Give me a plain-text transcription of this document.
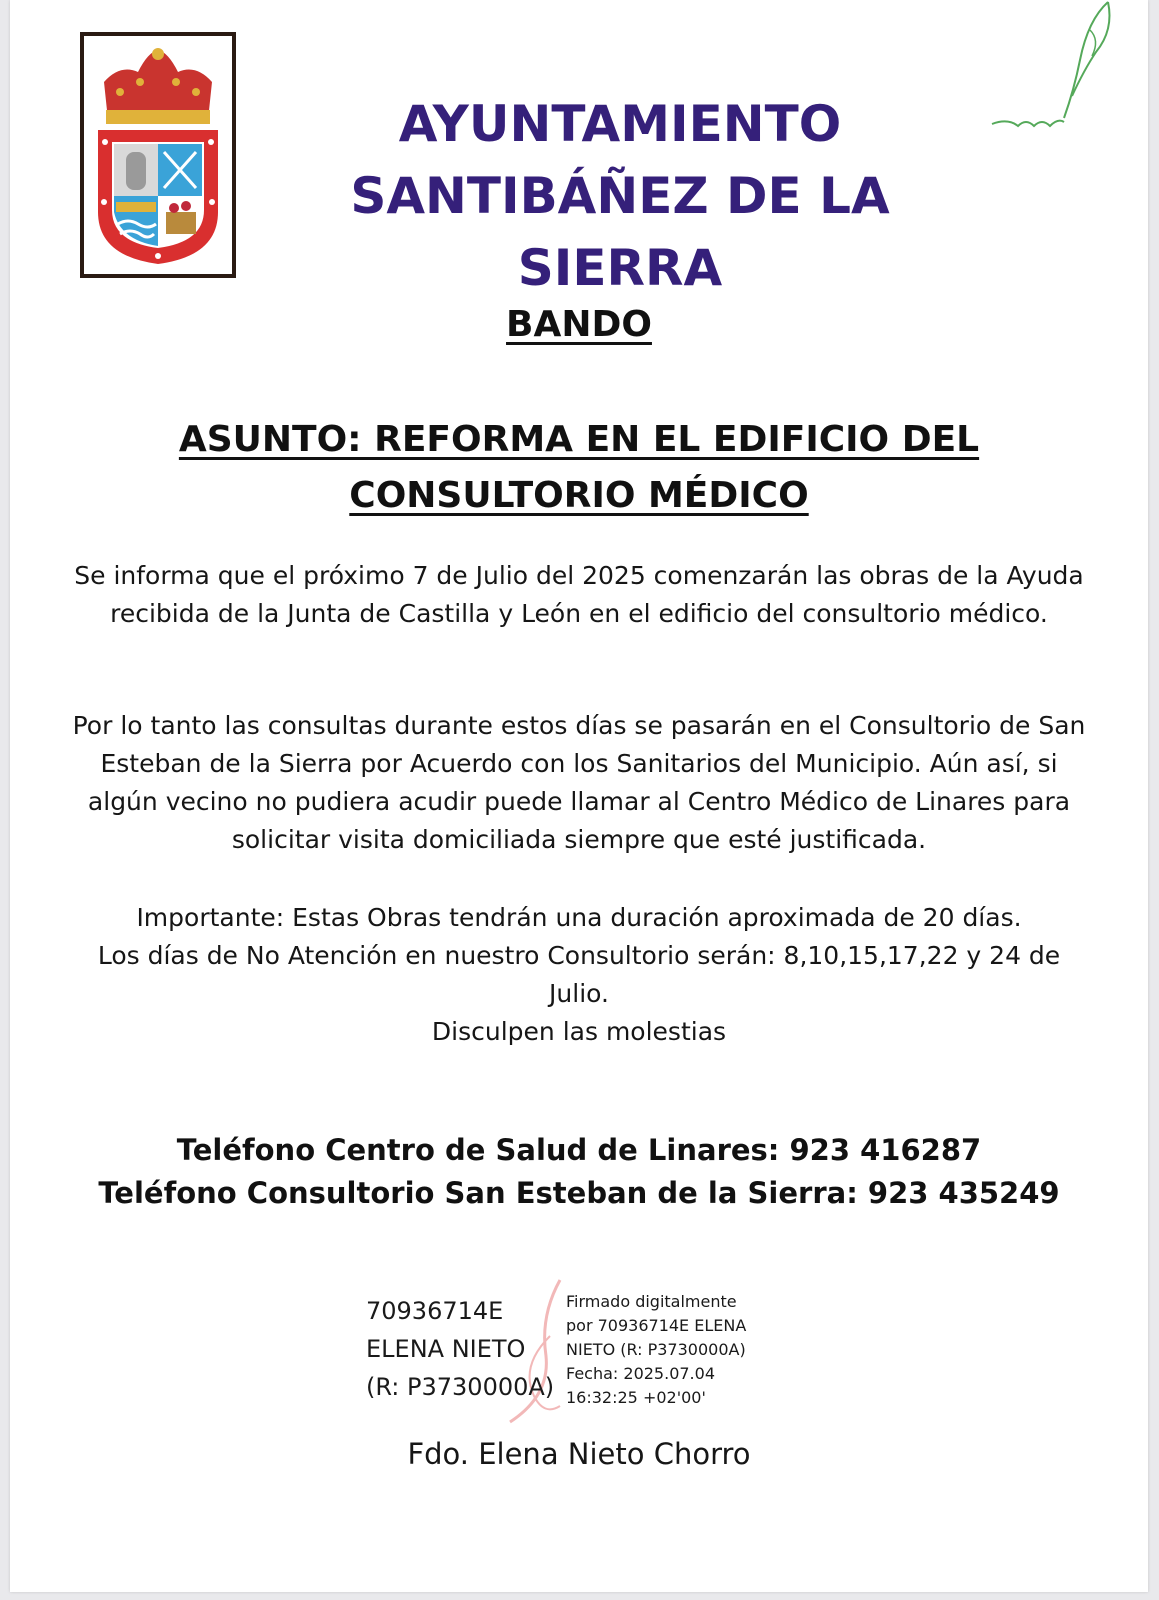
AYUNTAMIENTO
SANTIBÁÑEZ DE LA SIERRA
BANDO
ASUNTO: REFORMA EN EL EDIFICIO DEL
CONSULTORIO MÉDICO

Se informa que el próximo 7 de Julio del 2025 comenzarán las obras de la Ayuda recibida de la Junta de Castilla y León en el edificio del consultorio médico.

Por lo tanto las consultas durante estos días se pasarán en el Consultorio de San Esteban de la Sierra por Acuerdo con los Sanitarios del Municipio. Aún así, si algún vecino no pudiera acudir puede llamar al Centro Médico de Linares para solicitar visita domiciliada siempre que esté justificada.

Importante: Estas Obras tendrán una duración aproximada de 20 días.
Los días de No Atención en nuestro Consultorio serán: 8,10,15,17,22 y 24 de Julio.
Disculpen las molestias
Teléfono Centro de Salud de Linares: 923 416287
Teléfono Consultorio San Esteban de la Sierra: 923 435249
70936714E
ELENA NIETO
(R: P3730000A)
Firmado digitalmente
por 70936714E ELENA
NIETO (R: P3730000A)
Fecha: 2025.07.04
16:32:25 +02'00'
Fdo. Elena Nieto Chorro
